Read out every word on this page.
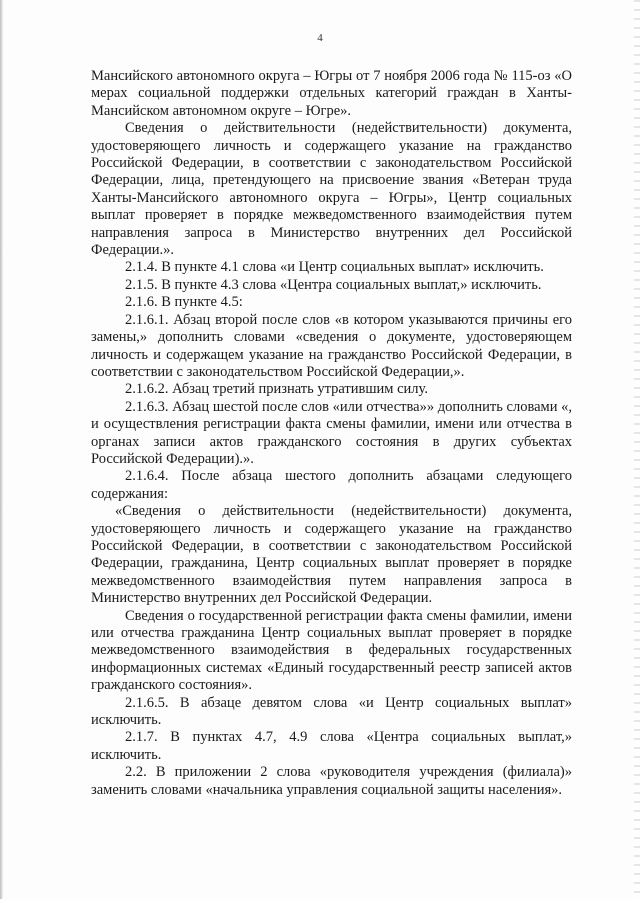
4

Мансийского автономного округа – Югры от 7 ноября 2006 года № 115-оз «О мерах социальной поддержки отдельных категорий граждан в Ханты-Мансийском автономном округе – Югре».

Сведения о действительности (недействительности) документа, удостоверяющего личность и содержащего указание на гражданство Российской Федерации, в соответствии с законодательством Российской Федерации, лица, претендующего на присвоение звания «Ветеран труда Ханты-Мансийского автономного округа – Югры», Центр социальных выплат проверяет в порядке межведомственного взаимодействия путем направления запроса в Министерство внутренних дел Российской Федерации.».

2.1.4. В пункте 4.1 слова «и Центр социальных выплат» исключить.

2.1.5. В пункте 4.3 слова «Центра социальных выплат,» исключить.

2.1.6. В пункте 4.5:

2.1.6.1. Абзац второй после слов «в котором указываются причины его замены,» дополнить словами «сведения о документе, удостоверяющем личность и содержащем указание на гражданство Российской Федерации, в соответствии с законодательством Российской Федерации,».

2.1.6.2. Абзац третий признать утратившим силу.

2.1.6.3. Абзац шестой после слов «или отчества»» дополнить словами «, и осуществления регистрации факта смены фамилии, имени или отчества в органах записи актов гражданского состояния в других субъектах Российской Федерации).».

2.1.6.4. После абзаца шестого дополнить абзацами следующего содержания:

«Сведения о действительности (недействительности) документа, удостоверяющего личность и содержащего указание на гражданство Российской Федерации, в соответствии с законодательством Российской Федерации, гражданина, Центр социальных выплат проверяет в порядке межведомственного взаимодействия путем направления запроса в Министерство внутренних дел Российской Федерации.

Сведения о государственной регистрации факта смены фамилии, имени или отчества гражданина Центр социальных выплат проверяет в порядке межведомственного взаимодействия в федеральных государственных информационных системах «Единый государственный реестр записей актов гражданского состояния».

2.1.6.5. В абзаце девятом слова «и Центр социальных выплат» исключить.

2.1.7. В пунктах 4.7, 4.9 слова «Центра социальных выплат,» исключить.

2.2. В приложении 2 слова «руководителя учреждения (филиала)» заменить словами «начальника управления социальной защиты населения».
